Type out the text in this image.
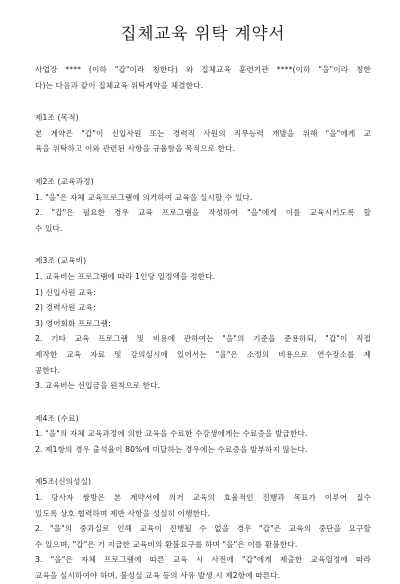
집체교육 위탁 계약서
사업장 **** (이하 "갑"이라 칭한다) 와 집체교육 훈련기관 ****(이하 "을"이라 칭한
다)는 다음과 같이 집체교육 위탁계약을 체결한다.
제1조 (목적)
본 계약은 "갑"이 신입사원 또는 경력직 사원의 직무능력 개발을 위해 "을"에게 교
육을 위탁하고 이와 관련된 사항을 규율함을 목적으로 한다.
제2조 (교육과정)
1. "을"은 자체 교육프로그램에 의거하여 교육을 실시할 수 있다.
2. "갑"은 필요한 경우 교육 프로그램을 작성하여 "을"에게 이를 교육시키도록 할
수 있다.
제3조 (교육비)
1. 교육비는 프로그램에 따라 1인당 일정액을 정한다.
1) 신입사원 교육:
2) 경력사원 교육:
3) 영어회화 프로그램:
2. 기타 교육 프로그램 및 비용에 관하여는 "을"의 기준을 준용하되, "갑"이 직접
제작한 교육 자료 및 강의실시에 있어서는 "을"은 소정의 비용으로 연수장소를 제
공한다.
3. 교육비는 선입금을 원칙으로 한다.
제4조 (수료)
1. "을"의 자체 교육과정에 의한 교육을 수료한 수강생에게는 수료증을 발급한다.
2. 제1항의 경우 출석율이 80%에 미달하는 경우에는 수료증을 발부하지 않는다.
제5조(신의성실)
1. 당사자 쌍방은 본 계약서에 의거 교육의 효율적인 진행과 목표가 이루어 질수
있도록 상호 협력하며 제반 사항을 성실히 이행한다.
2. "을"의 중과실로 인해 교육이 진행될 수 없을 경우 "갑"은 교육의 중단을 요구할
수 있으며, "갑"은 기 지급한 교육비의 환불요구를 하며 "을"은 이를 환불한다.
3. "을"은 자체 프로그램에 따른 교육 시 사전에 "갑"에게 제출한 교육일정에 따라
교육을 실시하여야 하며, 불성실 교육 등의 사유 발생 시 제2항에 따른다.
